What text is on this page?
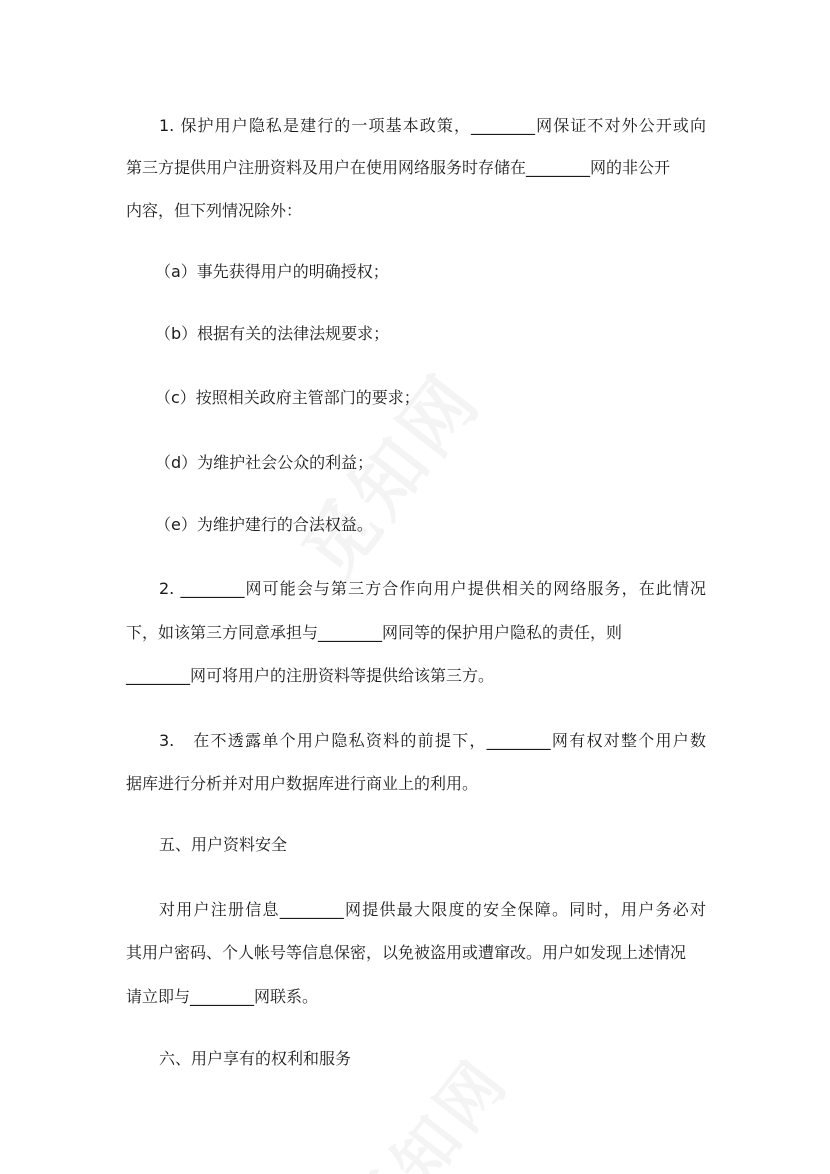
1. 保护用户隐私是建行的一项基本政策，________网保证不对外公开或向
第三方提供用户注册资料及用户在使用网络服务时存储在________网的非公开
内容，但下列情况除外：
（a）事先获得用户的明确授权；
（b）根据有关的法律法规要求；
（c）按照相关政府主管部门的要求；
（d）为维护社会公众的利益；
（e）为维护建行的合法权益。
2. ________网可能会与第三方合作向用户提供相关的网络服务，在此情况
下，如该第三方同意承担与________网同等的保护用户隐私的责任，则
________网可将用户的注册资料等提供给该第三方。
3.   在不透露单个用户隐私资料的前提下，________网有权对整个用户数
据库进行分析并对用户数据库进行商业上的利用。
五、用户资料安全
对用户注册信息________网提供最大限度的安全保障。同时，用户务必对
其用户密码、个人帐号等信息保密，以免被盗用或遭窜改。用户如发现上述情况
请立即与________网联系。
六、用户享有的权利和服务
